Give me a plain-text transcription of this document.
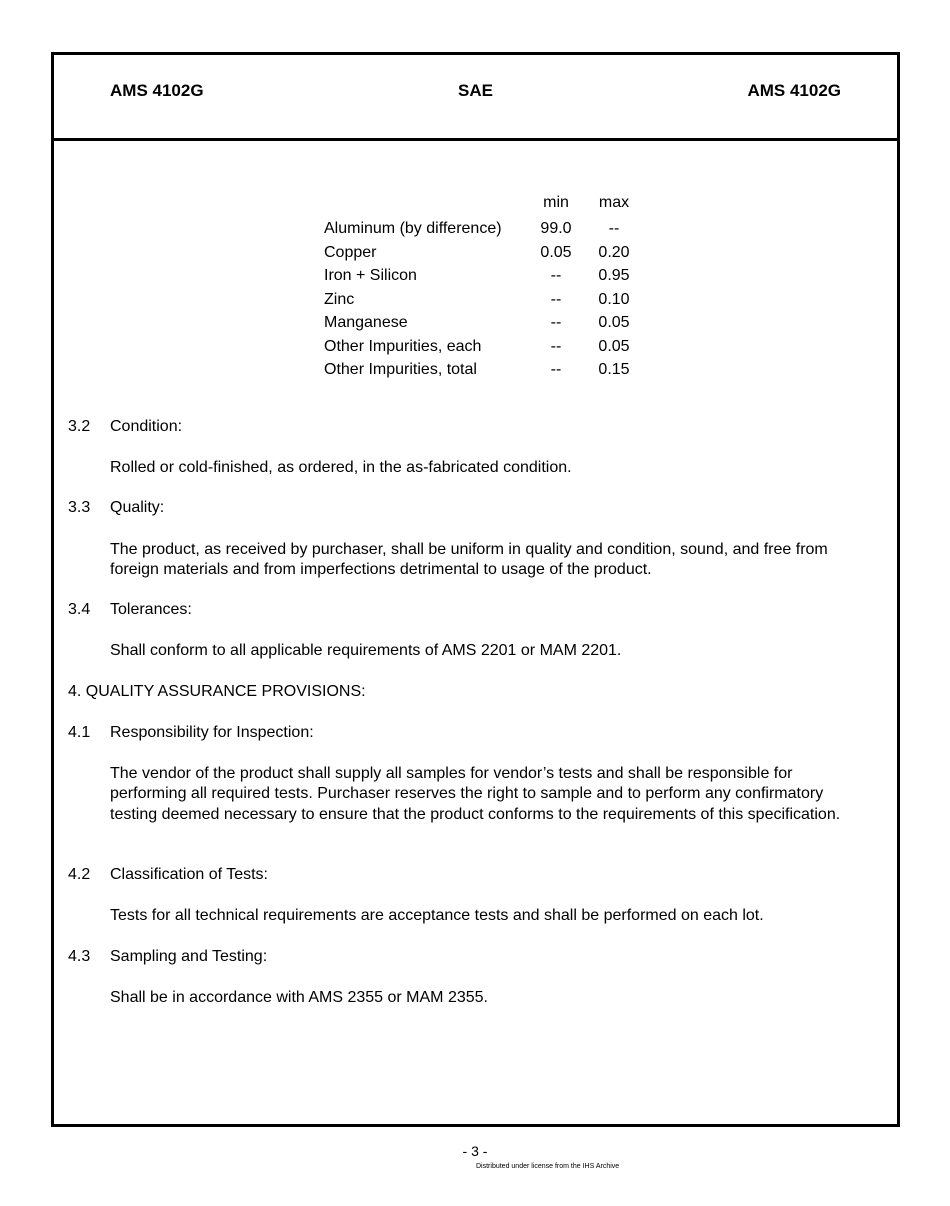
AMS 4102G	SAE	AMS 4102G
min	max
Aluminum (by difference)	99.0	--
Copper	0.05	0.20
Iron + Silicon	--	0.95
Zinc	--	0.10
Manganese	--	0.05
Other Impurities, each	--	0.05
Other Impurities, total	--	0.15
3.2 Condition:
Rolled or cold-finished, as ordered, in the as-fabricated condition.
3.3 Quality:
The product, as received by purchaser, shall be uniform in quality and condition, sound, and free from foreign materials and from imperfections detrimental to usage of the product.
3.4 Tolerances:
Shall conform to all applicable requirements of AMS 2201 or MAM 2201.
4. QUALITY ASSURANCE PROVISIONS:
4.1 Responsibility for Inspection:
The vendor of the product shall supply all samples for vendor’s tests and shall be responsible for performing all required tests. Purchaser reserves the right to sample and to perform any confirmatory testing deemed necessary to ensure that the product conforms to the requirements of this specification.
4.2 Classification of Tests:
Tests for all technical requirements are acceptance tests and shall be performed on each lot.
4.3 Sampling and Testing:
Shall be in accordance with AMS 2355 or MAM 2355.
- 3 -
Distributed under license from the IHS Archive
